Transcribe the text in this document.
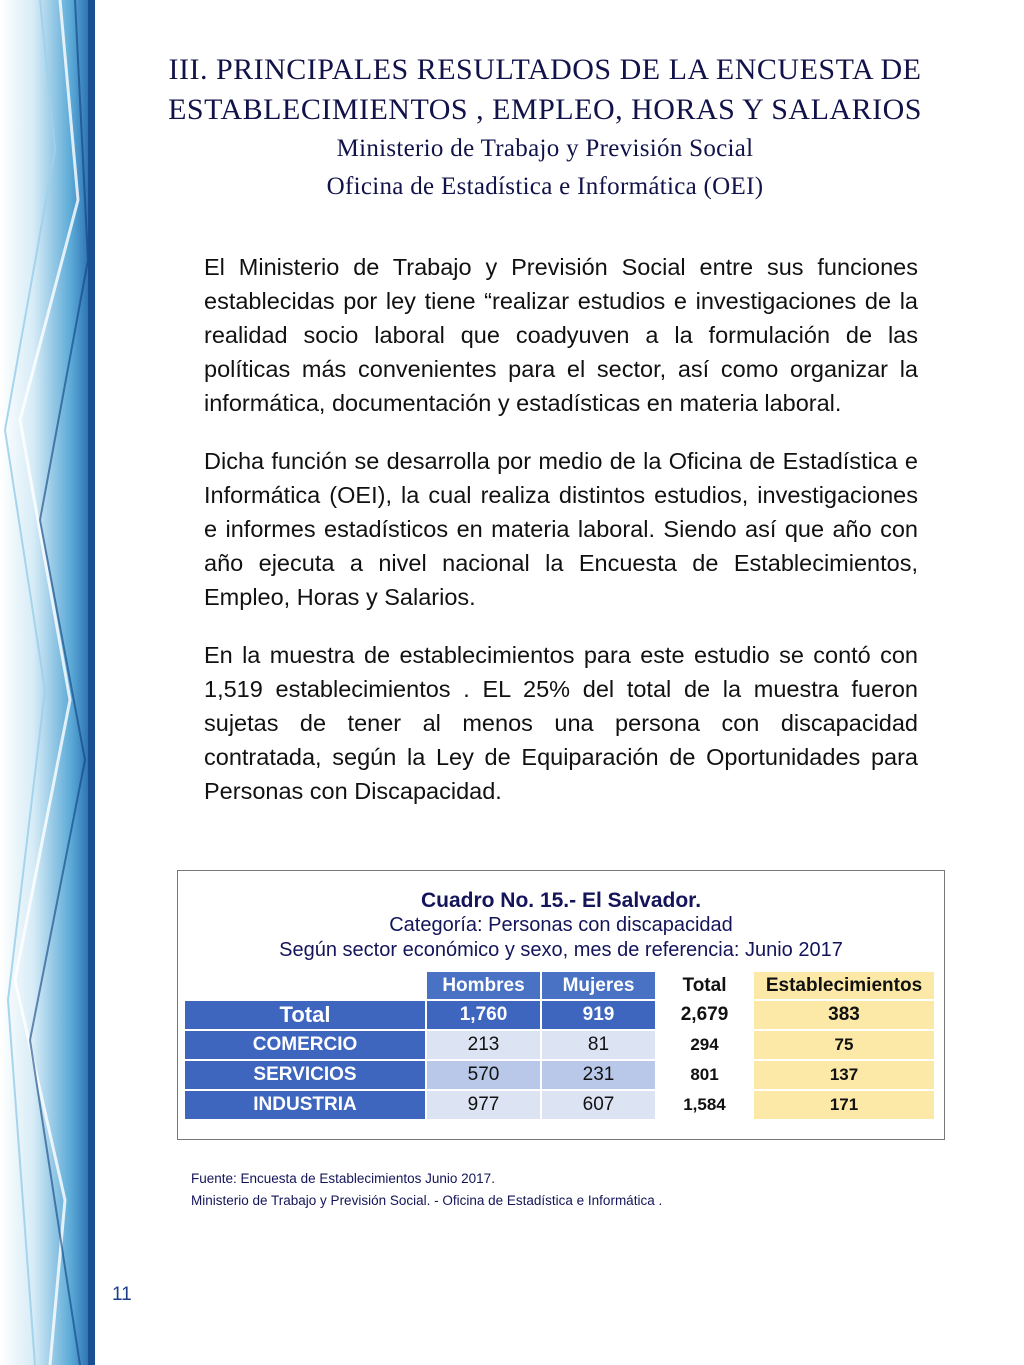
III. PRINCIPALES RESULTADOS DE LA ENCUESTA DE
ESTABLECIMIENTOS , EMPLEO, HORAS Y SALARIOS
Ministerio de Trabajo y Previsión Social
Oficina de Estadística e Informática (OEI)

El Ministerio de Trabajo y Previsión Social entre sus funciones establecidas por ley tiene “realizar estudios e investigaciones de la realidad socio laboral que coadyuven a la formulación de las políticas más convenientes para el sector, así como organizar la informática, documentación y estadísticas en materia laboral.

Dicha función se desarrolla por medio de la Oficina de Estadística e Informática (OEI), la cual realiza distintos estudios, investigaciones e informes estadísticos en materia laboral. Siendo así que año con año ejecuta a nivel nacional la Encuesta de Establecimientos, Empleo, Horas y Salarios.

En la muestra de establecimientos para este estudio se contó con 1,519 establecimientos . EL 25% del total de la muestra fueron sujetas de tener al menos una persona con discapacidad contratada, según la Ley de Equiparación de Oportunidades para Personas con Discapacidad.

Cuadro No. 15.- El Salvador.
Categoría: Personas con discapacidad
Según sector económico y sexo, mes de referencia: Junio 2017
	Hombres	Mujeres	Total	Establecimientos
Total	1,760	919	2,679	383
COMERCIO	213	81	294	75
SERVICIOS	570	231	801	137
INDUSTRIA	977	607	1,584	171
Fuente: Encuesta de Establecimientos Junio 2017.
Ministerio de Trabajo y Previsión Social. - Oficina de Estadística e Informática .
11
